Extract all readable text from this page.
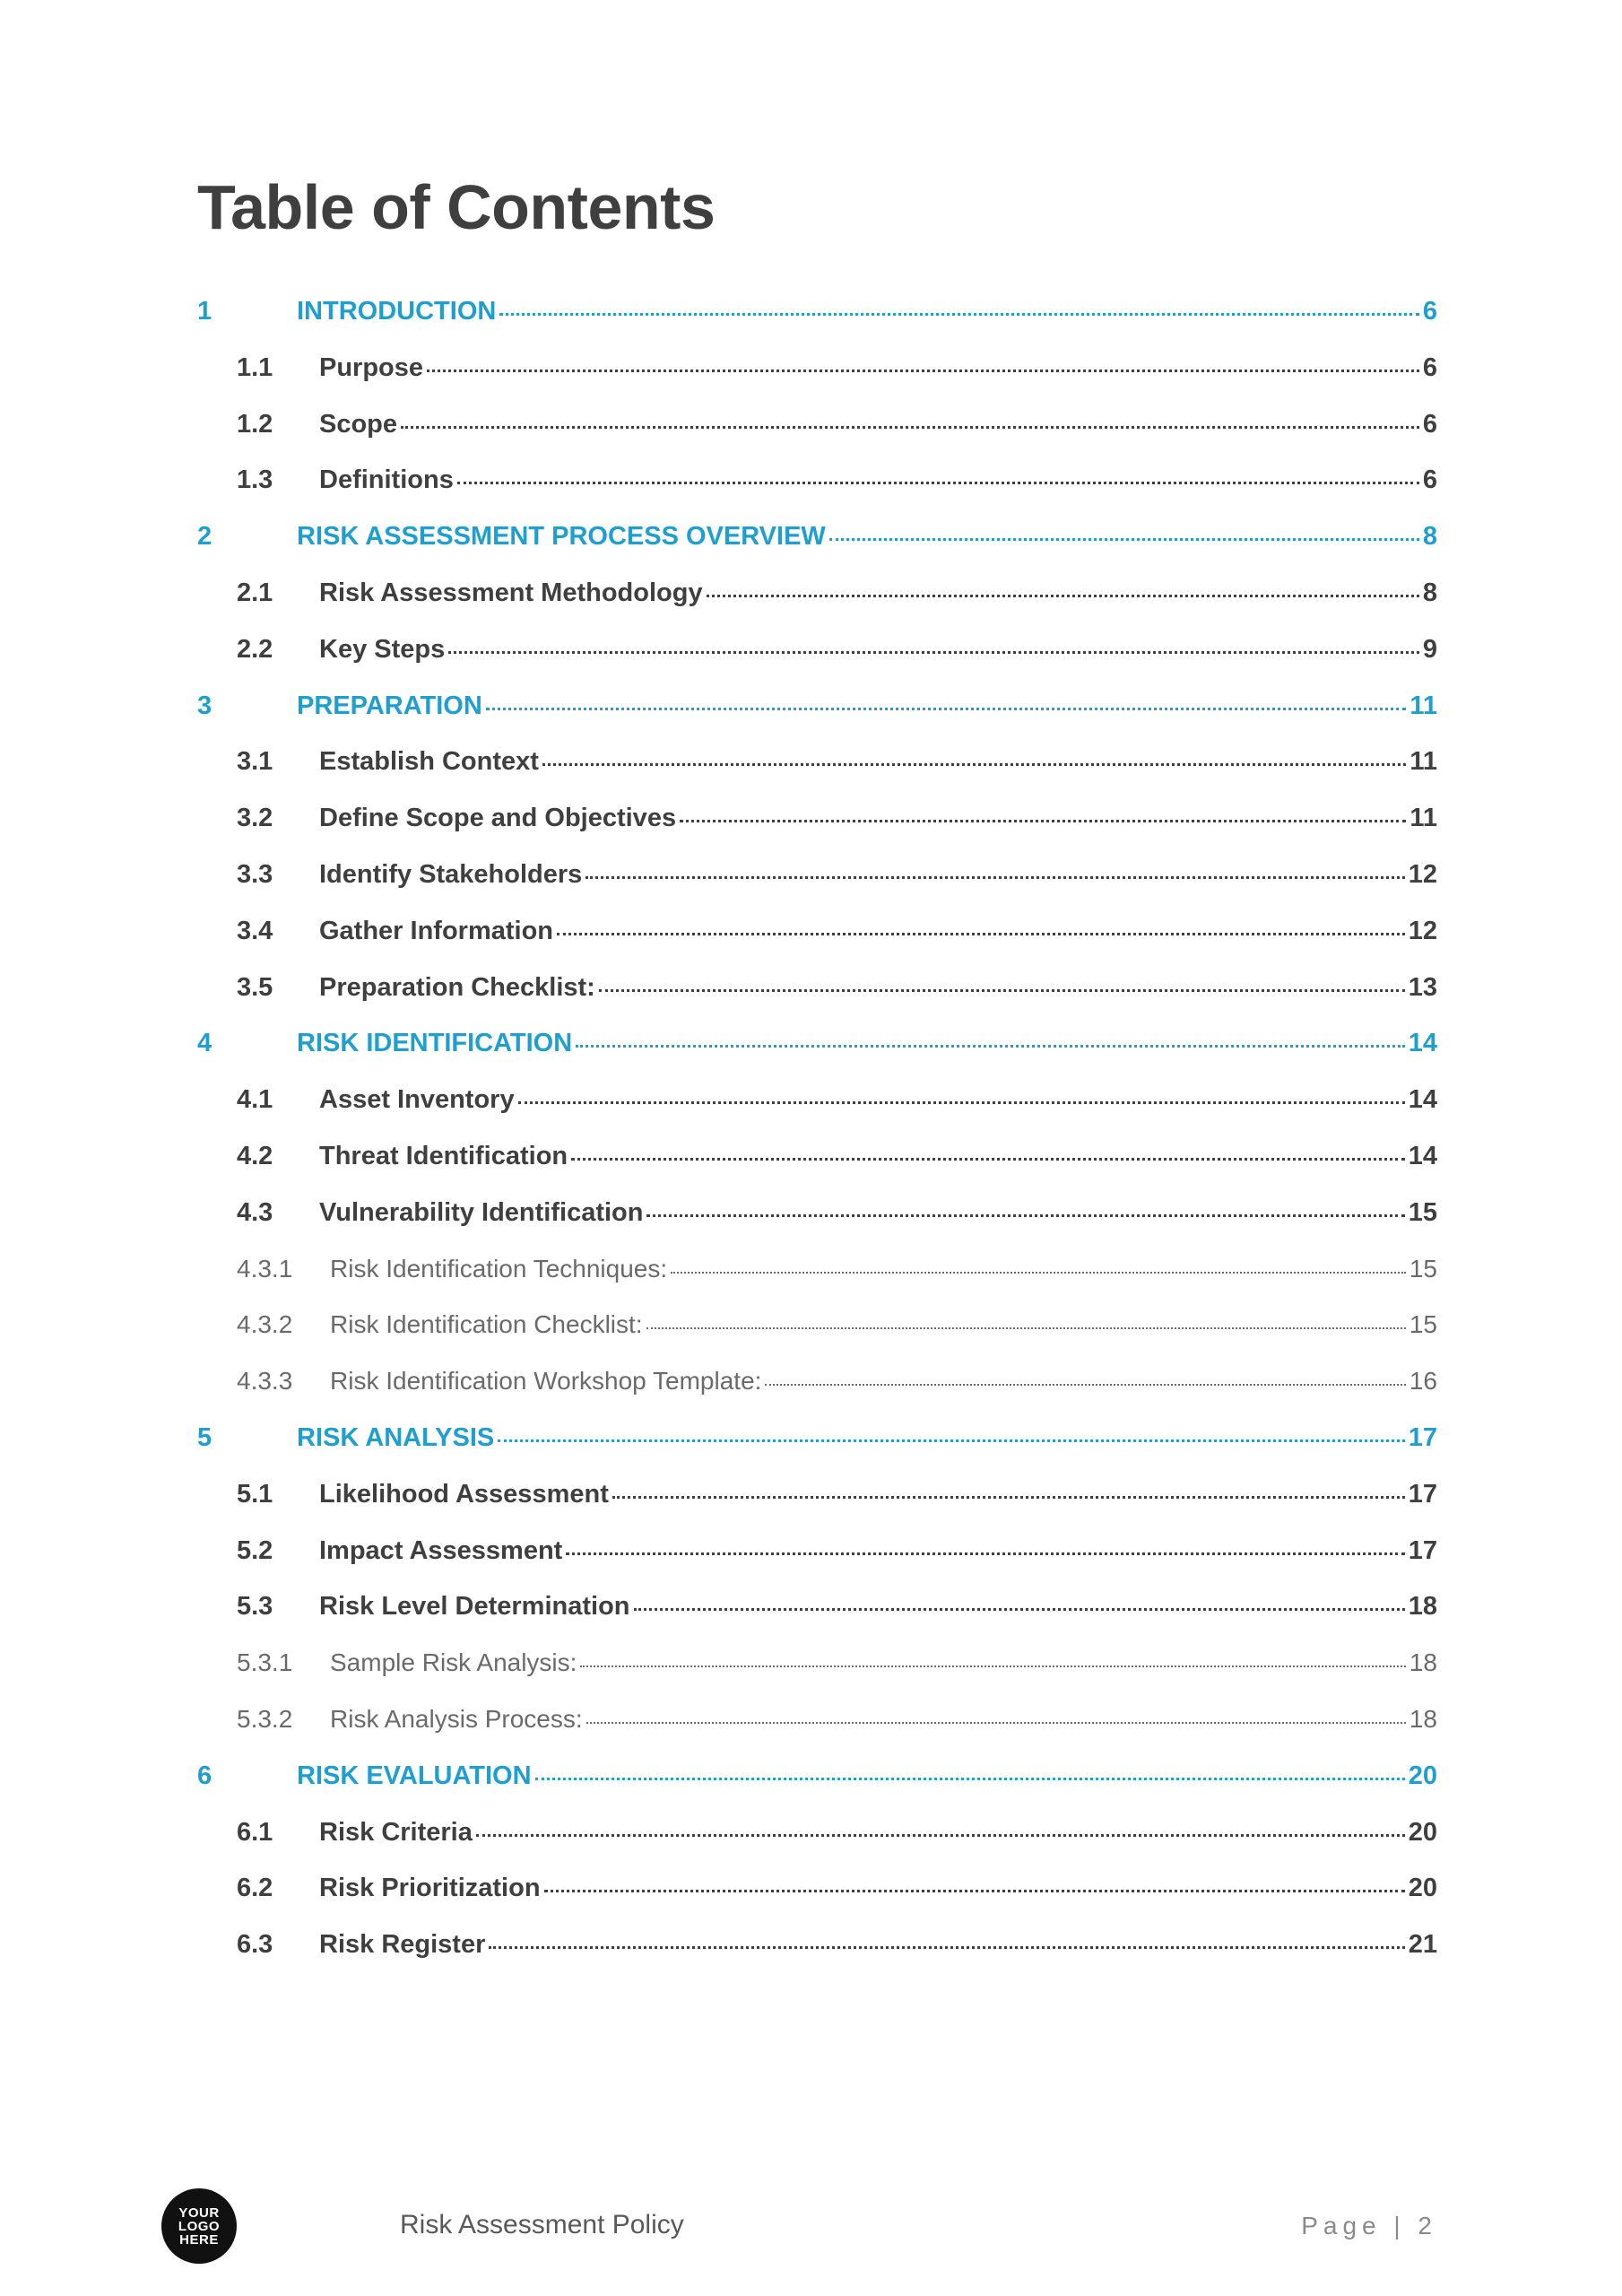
Table of Contents
1	INTRODUCTION	6
1.1	Purpose	6
1.2	Scope	6
1.3	Definitions	6
2	RISK ASSESSMENT PROCESS OVERVIEW	8
2.1	Risk Assessment Methodology	8
2.2	Key Steps	9
3	PREPARATION	11
3.1	Establish Context	11
3.2	Define Scope and Objectives	11
3.3	Identify Stakeholders	12
3.4	Gather Information	12
3.5	Preparation Checklist:	13
4	RISK IDENTIFICATION	14
4.1	Asset Inventory	14
4.2	Threat Identification	14
4.3	Vulnerability Identification	15
4.3.1	Risk Identification Techniques:	15
4.3.2	Risk Identification Checklist:	15
4.3.3	Risk Identification Workshop Template:	16
5	RISK ANALYSIS	17
5.1	Likelihood Assessment	17
5.2	Impact Assessment	17
5.3	Risk Level Determination	18
5.3.1	Sample Risk Analysis:	18
5.3.2	Risk Analysis Process:	18
6	RISK EVALUATION	20
6.1	Risk Criteria	20
6.2	Risk Prioritization	20
6.3	Risk Register	21
YOUR
LOGO
HERE	Risk Assessment Policy	Page | 2
